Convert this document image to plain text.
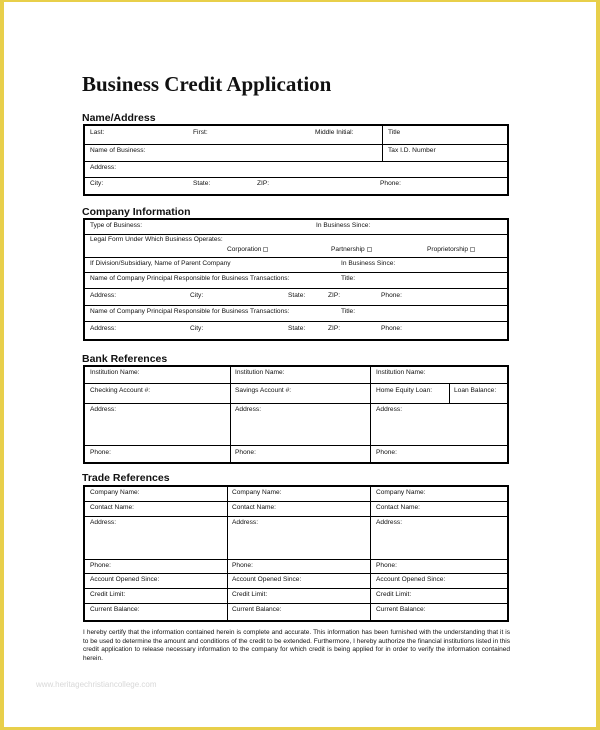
Business Credit Application
Name/Address
Last:	First:	Middle Initial:	Title
Name of Business:	Tax I.D. Number
Address:
City:	State:	ZIP:	Phone:
Company Information
Type of Business:	In Business Since:
Legal Form Under Which Business Operates:
Corporation	Partnership	Proprietorship
If Division/Subsidiary, Name of Parent Company	In Business Since:
Name of Company Principal Responsible for Business Transactions:	Title:
Address:	City:	State:	ZIP:	Phone:
Name of Company Principal Responsible for Business Transactions:	Title:
Address:	City:	State:	ZIP:	Phone:
Bank References
Institution Name:	Institution Name:	Institution Name:
Checking Account #:	Savings Account #:	Home Equity Loan:	Loan Balance:
Address:	Address:	Address:
Phone:	Phone:	Phone:
Trade References
Company Name:	Company Name:	Company Name:
Contact Name:	Contact Name:	Contact Name:
Address:	Address:	Address:
Phone:	Phone:	Phone:
Account Opened Since:	Account Opened Since:	Account Opened Since:
Credit Limit:	Credit Limit:	Credit Limit:
Current Balance:	Current Balance:	Current Balance:
I hereby certify that the information contained herein is complete and accurate. This information has been furnished with the understanding that it is to be used to determine the amount and conditions of the credit to be extended. Furthermore, I hereby authorize the financial institutions listed in this credit application to release necessary information to the company for which credit is being applied for in order to verify the information contained herein.
www.heritagechristiancollege.com
